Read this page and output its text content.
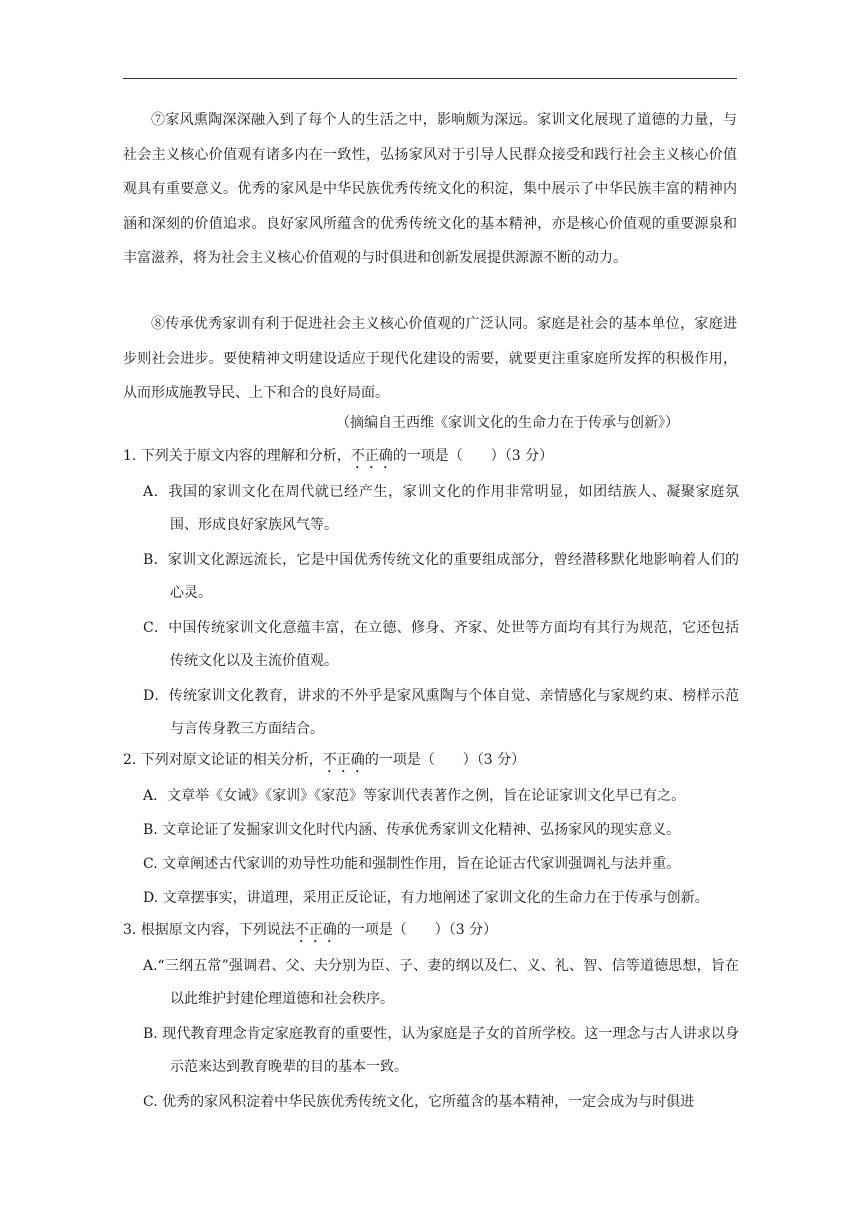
⑦家风熏陶深深融入到了每个人的生活之中，影响颇为深远。家训文化展现了道德的力量，与社会主义核心价值观有诸多内在一致性，弘扬家风对于引导人民群众接受和践行社会主义核心价值观具有重要意义。优秀的家风是中华民族优秀传统文化的积淀，集中展示了中华民族丰富的精神内涵和深刻的价值追求。良好家风所蕴含的优秀传统文化的基本精神，亦是核心价值观的重要源泉和丰富滋养，将为社会主义核心价值观的与时俱进和创新发展提供源源不断的动力。

⑧传承优秀家训有利于促进社会主义核心价值观的广泛认同。家庭是社会的基本单位，家庭进步则社会进步。要使精神文明建设适应于现代化建设的需要，就要更注重家庭所发挥的积极作用，从而形成施教导民、上下和合的良好局面。

（摘编自王西维《家训文化的生命力在于传承与创新》）

1. 下列关于原文内容的理解和分析，不正确的一项是（　　）（3 分）

A．我国的家训文化在周代就已经产生，家训文化的作用非常明显，如团结族人、凝聚家庭氛围、形成良好家族风气等。

B．家训文化源远流长，它是中国优秀传统文化的重要组成部分，曾经潜移默化地影响着人们的心灵。

C．中国传统家训文化意蕴丰富，在立德、修身、齐家、处世等方面均有其行为规范，它还包括传统文化以及主流价值观。

D．传统家训文化教育，讲求的不外乎是家风熏陶与个体自觉、亲情感化与家规约束、榜样示范与言传身教三方面结合。

2. 下列对原文论证的相关分析，不正确的一项是（　　）（3 分）

A．文章举《女诫》《家训》《家范》等家训代表著作之例，旨在论证家训文化早已有之。

B. 文章论证了发掘家训文化时代内涵、传承优秀家训文化精神、弘扬家风的现实意义。

C. 文章阐述古代家训的劝导性功能和强制性作用，旨在论证古代家训强调礼与法并重。

D. 文章摆事实，讲道理，采用正反论证，有力地阐述了家训文化的生命力在于传承与创新。

3. 根据原文内容，下列说法不正确的一项是（　　）（3 分）

A.“三纲五常”强调君、父、夫分别为臣、子、妻的纲以及仁、义、礼、智、信等道德思想，旨在以此维护封建伦理道德和社会秩序。

B. 现代教育理念肯定家庭教育的重要性，认为家庭是子女的首所学校。这一理念与古人讲求以身示范来达到教育晚辈的目的基本一致。

C. 优秀的家风积淀着中华民族优秀传统文化，它所蕴含的基本精神，一定会成为与时俱进
